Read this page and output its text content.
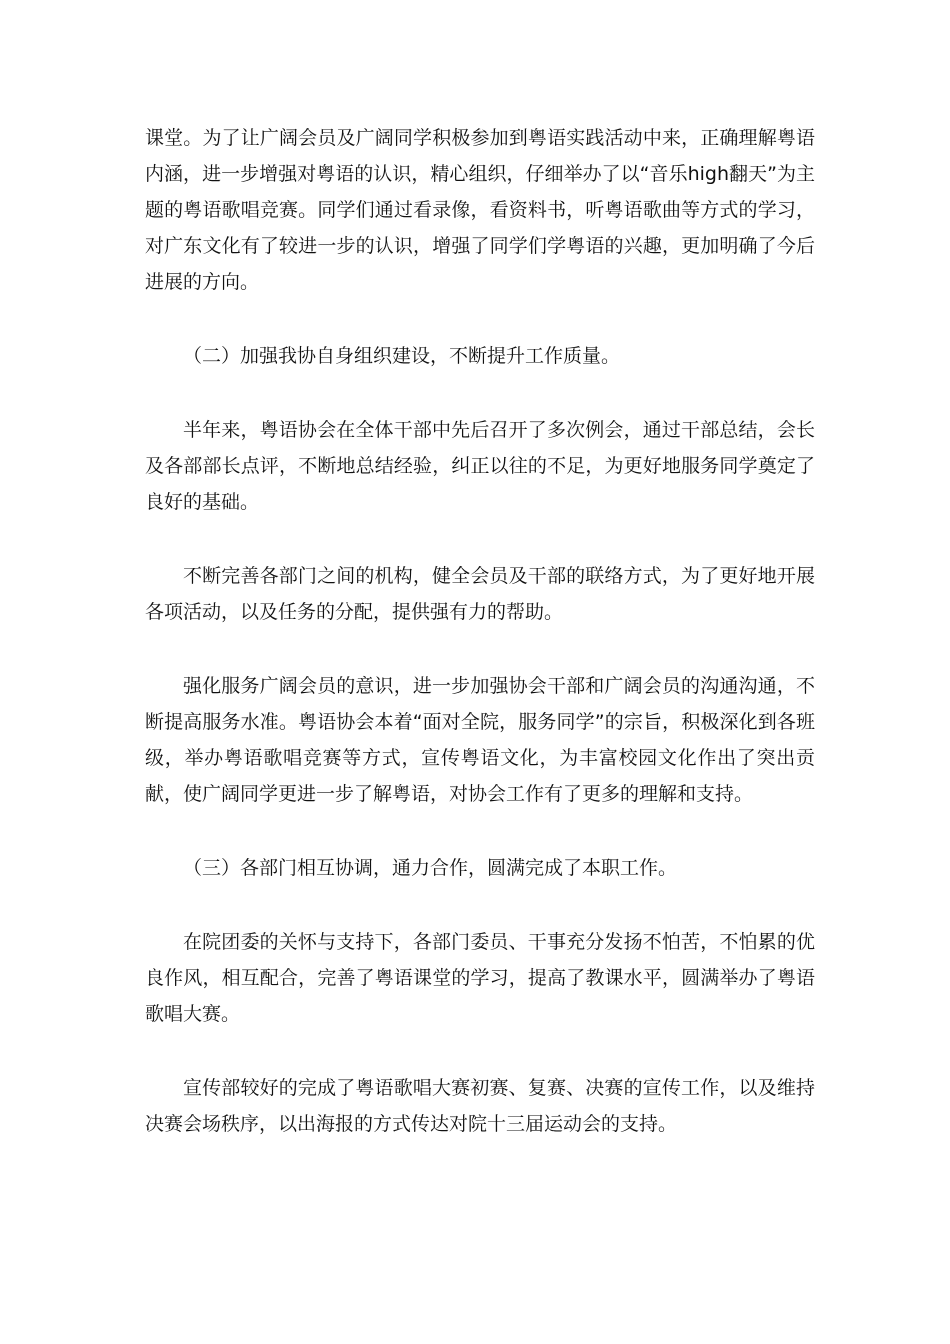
课堂。为了让广阔会员及广阔同学积极参加到粤语实践活动中来，正确理解粤语内涵，进一步增强对粤语的认识，精心组织，仔细举办了以“音乐high翻天”为主题的粤语歌唱竞赛。同学们通过看录像，看资料书，听粤语歌曲等方式的学习，对广东文化有了较进一步的认识，增强了同学们学粤语的兴趣，更加明确了今后进展的方向。

（二）加强我协自身组织建设，不断提升工作质量。

半年来，粤语协会在全体干部中先后召开了多次例会，通过干部总结，会长及各部部长点评，不断地总结经验，纠正以往的不足，为更好地服务同学奠定了良好的基础。

不断完善各部门之间的机构，健全会员及干部的联络方式，为了更好地开展各项活动，以及任务的分配，提供强有力的帮助。

强化服务广阔会员的意识，进一步加强协会干部和广阔会员的沟通沟通，不断提高服务水准。粤语协会本着“面对全院，服务同学”的宗旨，积极深化到各班级，举办粤语歌唱竞赛等方式，宣传粤语文化，为丰富校园文化作出了突出贡献，使广阔同学更进一步了解粤语，对协会工作有了更多的理解和支持。

（三）各部门相互协调，通力合作，圆满完成了本职工作。

在院团委的关怀与支持下，各部门委员、干事充分发扬不怕苦，不怕累的优良作风，相互配合，完善了粤语课堂的学习，提高了教课水平，圆满举办了粤语歌唱大赛。

宣传部较好的完成了粤语歌唱大赛初赛、复赛、决赛的宣传工作，以及维持决赛会场秩序，以出海报的方式传达对院十三届运动会的支持。
